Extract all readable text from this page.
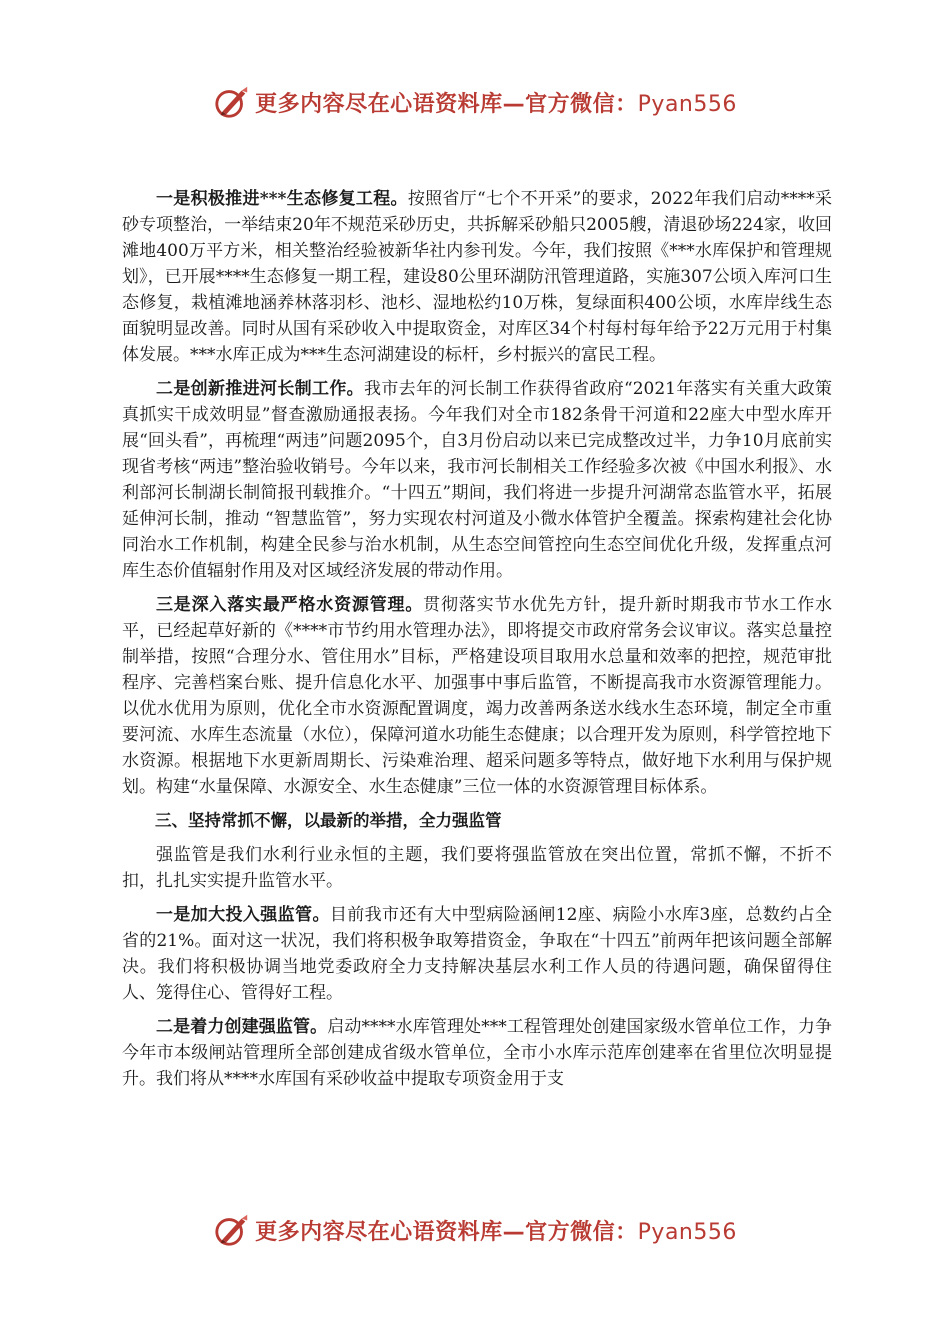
更多内容尽在心语资料库—官方微信：Pyan556

一是积极推进***生态修复工程。按照省厅“七个不开采”的要求，2022年我们启动****采砂专项整治，一举结束20年不规范采砂历史，共拆解采砂船只2005艘，清退砂场224家，收回滩地400万平方米，相关整治经验被新华社内参刊发。今年，我们按照《***水库保护和管理规划》，已开展****生态修复一期工程，建设80公里环湖防汛管理道路，实施307公顷入库河口生态修复，栽植滩地涵养林落羽杉、池杉、湿地松约10万株，复绿面积400公顷，水库岸线生态面貌明显改善。同时从国有采砂收入中提取资金，对库区34个村每村每年给予22万元用于村集体发展。***水库正成为***生态河湖建设的标杆，乡村振兴的富民工程。

二是创新推进河长制工作。我市去年的河长制工作获得省政府“2021年落实有关重大政策真抓实干成效明显”督查激励通报表扬。今年我们对全市182条骨干河道和22座大中型水库开展“回头看”，再梳理“两违”问题2095个，自3月份启动以来已完成整改过半，力争10月底前实现省考核“两违”整治验收销号。今年以来，我市河长制相关工作经验多次被《中国水利报》、水利部河长制湖长制简报刊载推介。“十四五”期间，我们将进一步提升河湖常态监管水平，拓展延伸河长制，推动 “智慧监管”，努力实现农村河道及小微水体管护全覆盖。探索构建社会化协同治水工作机制，构建全民参与治水机制，从生态空间管控向生态空间优化升级，发挥重点河库生态价值辐射作用及对区域经济发展的带动作用。

三是深入落实最严格水资源管理。贯彻落实节水优先方针，提升新时期我市节水工作水平，已经起草好新的《****市节约用水管理办法》，即将提交市政府常务会议审议。落实总量控制举措，按照“合理分水、管住用水”目标，严格建设项目取用水总量和效率的把控，规范审批程序、完善档案台账、提升信息化水平、加强事中事后监管，不断提高我市水资源管理能力。以优水优用为原则，优化全市水资源配置调度，竭力改善两条送水线水生态环境，制定全市重要河流、水库生态流量（水位），保障河道水功能生态健康；以合理开发为原则，科学管控地下水资源。根据地下水更新周期长、污染难治理、超采问题多等特点，做好地下水利用与保护规划。构建“水量保障、水源安全、水生态健康”三位一体的水资源管理目标体系。

三、坚持常抓不懈，以最新的举措，全力强监管

强监管是我们水利行业永恒的主题，我们要将强监管放在突出位置，常抓不懈，不折不扣，扎扎实实提升监管水平。

一是加大投入强监管。目前我市还有大中型病险涵闸12座、病险小水库3座，总数约占全省的21%。面对这一状况，我们将积极争取筹措资金，争取在“十四五”前两年把该问题全部解决。我们将积极协调当地党委政府全力支持解决基层水利工作人员的待遇问题，确保留得住人、笼得住心、管得好工程。

二是着力创建强监管。启动****水库管理处***工程管理处创建国家级水管单位工作，力争今年市本级闸站管理所全部创建成省级水管单位，全市小水库示范库创建率在省里位次明显提升。我们将从****水库国有采砂收益中提取专项资金用于支

更多内容尽在心语资料库—官方微信：Pyan556
